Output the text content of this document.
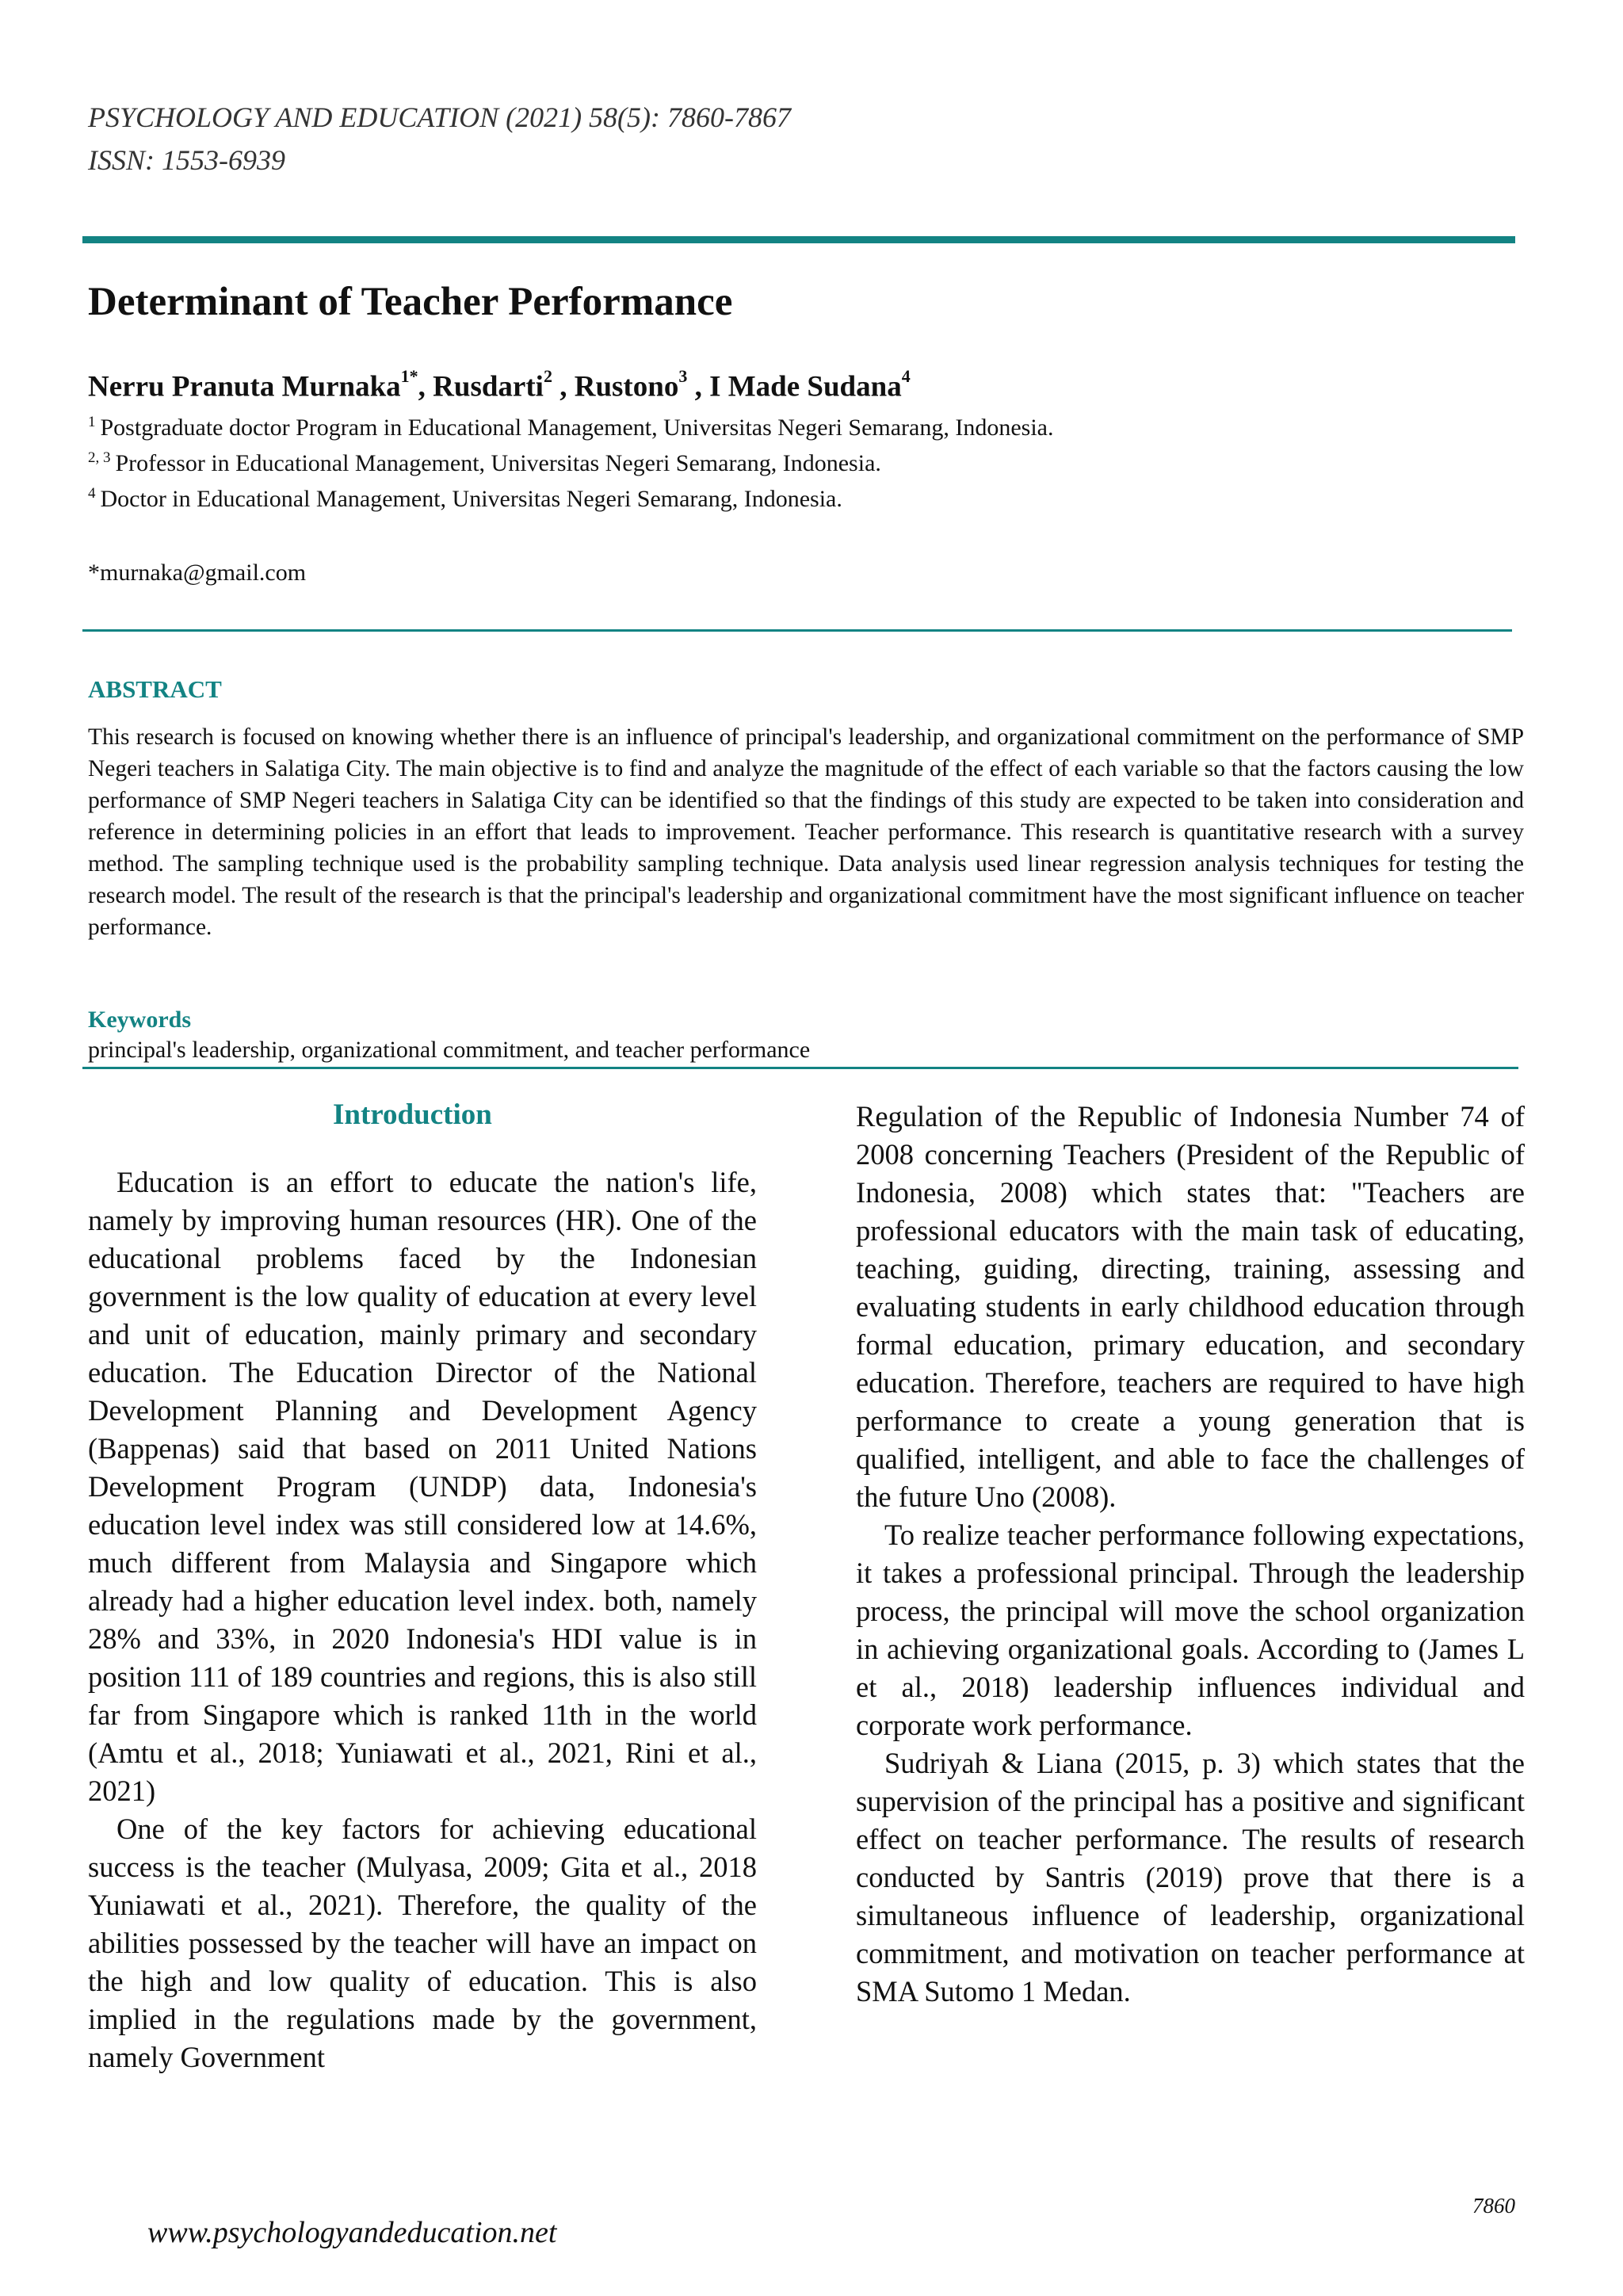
PSYCHOLOGY AND EDUCATION (2021) 58(5): 7860-7867
ISSN: 1553-6939
Determinant of Teacher Performance
Nerru Pranuta Murnaka$^{1*}$, Rusdarti$^2$ , Rustono$^3$ , I Made Sudana$^4$
$^1$ Postgraduate doctor Program in Educational Management, Universitas Negeri Semarang, Indonesia.
$^{2, 3}$ Professor in Educational Management, Universitas Negeri Semarang, Indonesia.
$^4$ Doctor in Educational Management, Universitas Negeri Semarang, Indonesia.
*murnaka@gmail.com
ABSTRACT
This research is focused on knowing whether there is an influence of principal's leadership, and organizational commitment on the performance of SMP Negeri teachers in Salatiga City. The main objective is to find and analyze the magnitude of the effect of each variable so that the factors causing the low performance of SMP Negeri teachers in Salatiga City can be identified so that the findings of this study are expected to be taken into consideration and reference in determining policies in an effort that leads to improvement. Teacher performance. This research is quantitative research with a survey method. The sampling technique used is the probability sampling technique. Data analysis used linear regression analysis techniques for testing the research model. The result of the research is that the principal's leadership and organizational commitment have the most significant influence on teacher performance.
Keywords
principal's leadership, organizational commitment, and teacher performance
Introduction

Education is an effort to educate the nation's life, namely by improving human resources (HR). One of the educational problems faced by the Indonesian government is the low quality of education at every level and unit of education, mainly primary and secondary education. The Education Director of the National Development Planning and Development Agency (Bappenas) said that based on 2011 United Nations Development Program (UNDP) data, Indonesia's education level index was still considered low at 14.6%, much different from Malaysia and Singapore which already had a higher education level index. both, namely 28% and 33%, in 2020 Indonesia's HDI value is in position 111 of 189 countries and regions, this is also still far from Singapore which is ranked 11th in the world (Amtu et al., 2018; Yuniawati et al., 2021, Rini et al., 2021)

One of the key factors for achieving educational success is the teacher (Mulyasa, 2009; Gita et al., 2018 Yuniawati et al., 2021). Therefore, the quality of the abilities possessed by the teacher will have an impact on the high and low quality of education. This is also implied in the regulations made by the government, namely Government

Regulation of the Republic of Indonesia Number 74 of 2008 concerning Teachers (President of the Republic of Indonesia, 2008) which states that: "Teachers are professional educators with the main task of educating, teaching, guiding, directing, training, assessing and evaluating students in early childhood education through formal education, primary education, and secondary education. Therefore, teachers are required to have high performance to create a young generation that is qualified, intelligent, and able to face the challenges of the future Uno (2008).

To realize teacher performance following expectations, it takes a professional principal. Through the leadership process, the principal will move the school organization in achieving organizational goals. According to (James L et al., 2018) leadership influences individual and corporate work performance.

Sudriyah & Liana (2015, p. 3) which states that the supervision of the principal has a positive and significant effect on teacher performance. The results of research conducted by Santris (2019) prove that there is a simultaneous influence of leadership, organizational commitment, and motivation on teacher performance at SMA Sutomo 1 Medan.

7860
www.psychologyandeducation.net
